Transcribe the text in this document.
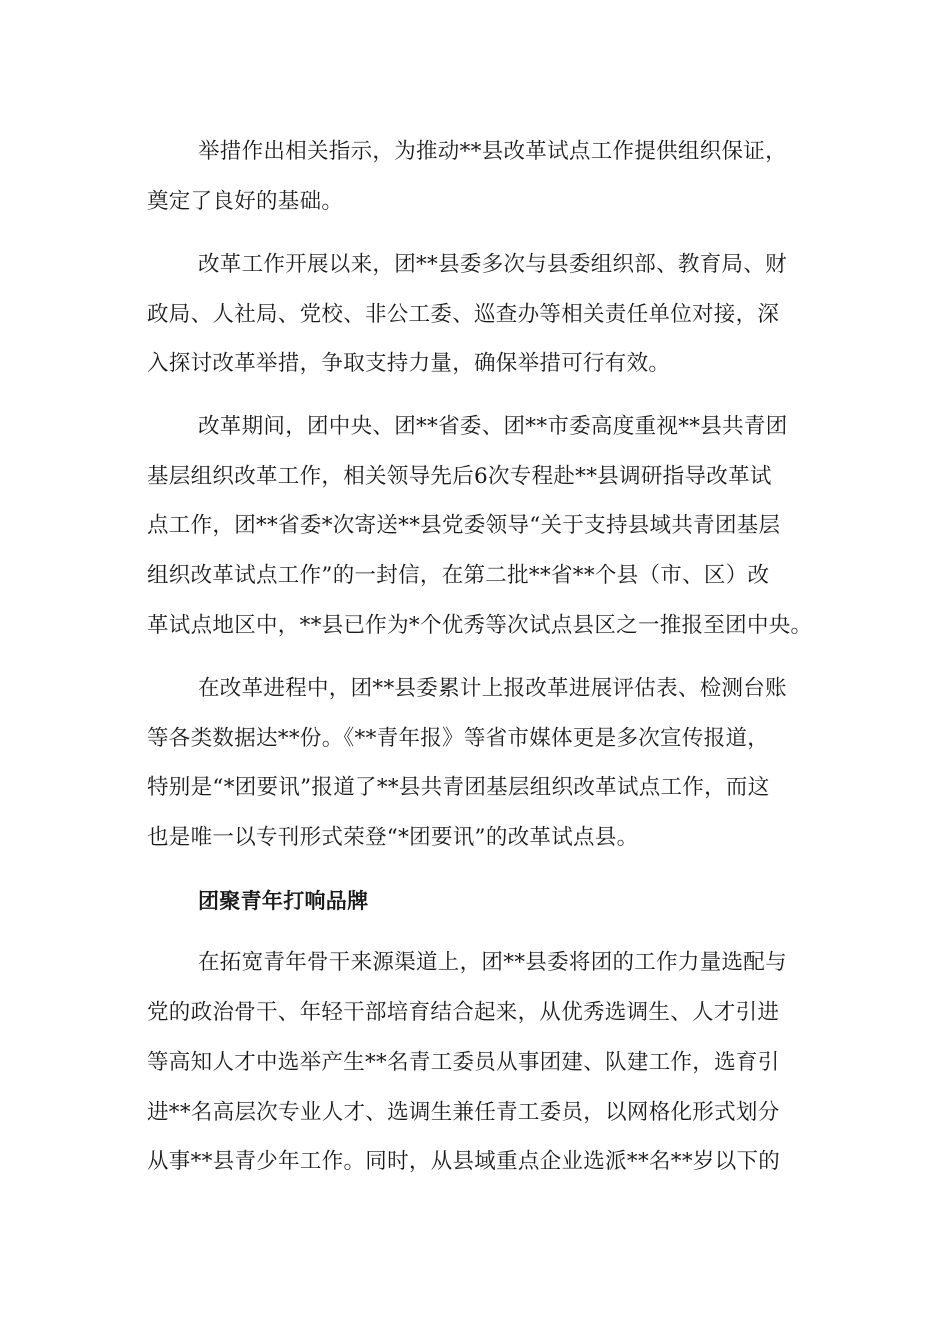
举措作出相关指示，为推动**县改革试点工作提供组织保证，
奠定了良好的基础。
改革工作开展以来，团**县委多次与县委组织部、教育局、财
政局、人社局、党校、非公工委、巡查办等相关责任单位对接，深
入探讨改革举措，争取支持力量，确保举措可行有效。
改革期间，团中央、团**省委、团**市委高度重视**县共青团
基层组织改革工作，相关领导先后6次专程赴**县调研指导改革试
点工作，团**省委*次寄送**县党委领导“关于支持县域共青团基层
组织改革试点工作”的一封信，在第二批**省**个县（市、区）改
革试点地区中，**县已作为*个优秀等次试点县区之一推报至团中央。
在改革进程中，团**县委累计上报改革进展评估表、检测台账
等各类数据达**份。《**青年报》等省市媒体更是多次宣传报道，
特别是“*团要讯”报道了**县共青团基层组织改革试点工作，而这
也是唯一以专刊形式荣登“*团要讯”的改革试点县。
团聚青年打响品牌
在拓宽青年骨干来源渠道上，团**县委将团的工作力量选配与
党的政治骨干、年轻干部培育结合起来，从优秀选调生、人才引进
等高知人才中选举产生**名青工委员从事团建、队建工作，选育引
进**名高层次专业人才、选调生兼任青工委员，以网格化形式划分
从事**县青少年工作。同时，从县域重点企业选派**名**岁以下的
